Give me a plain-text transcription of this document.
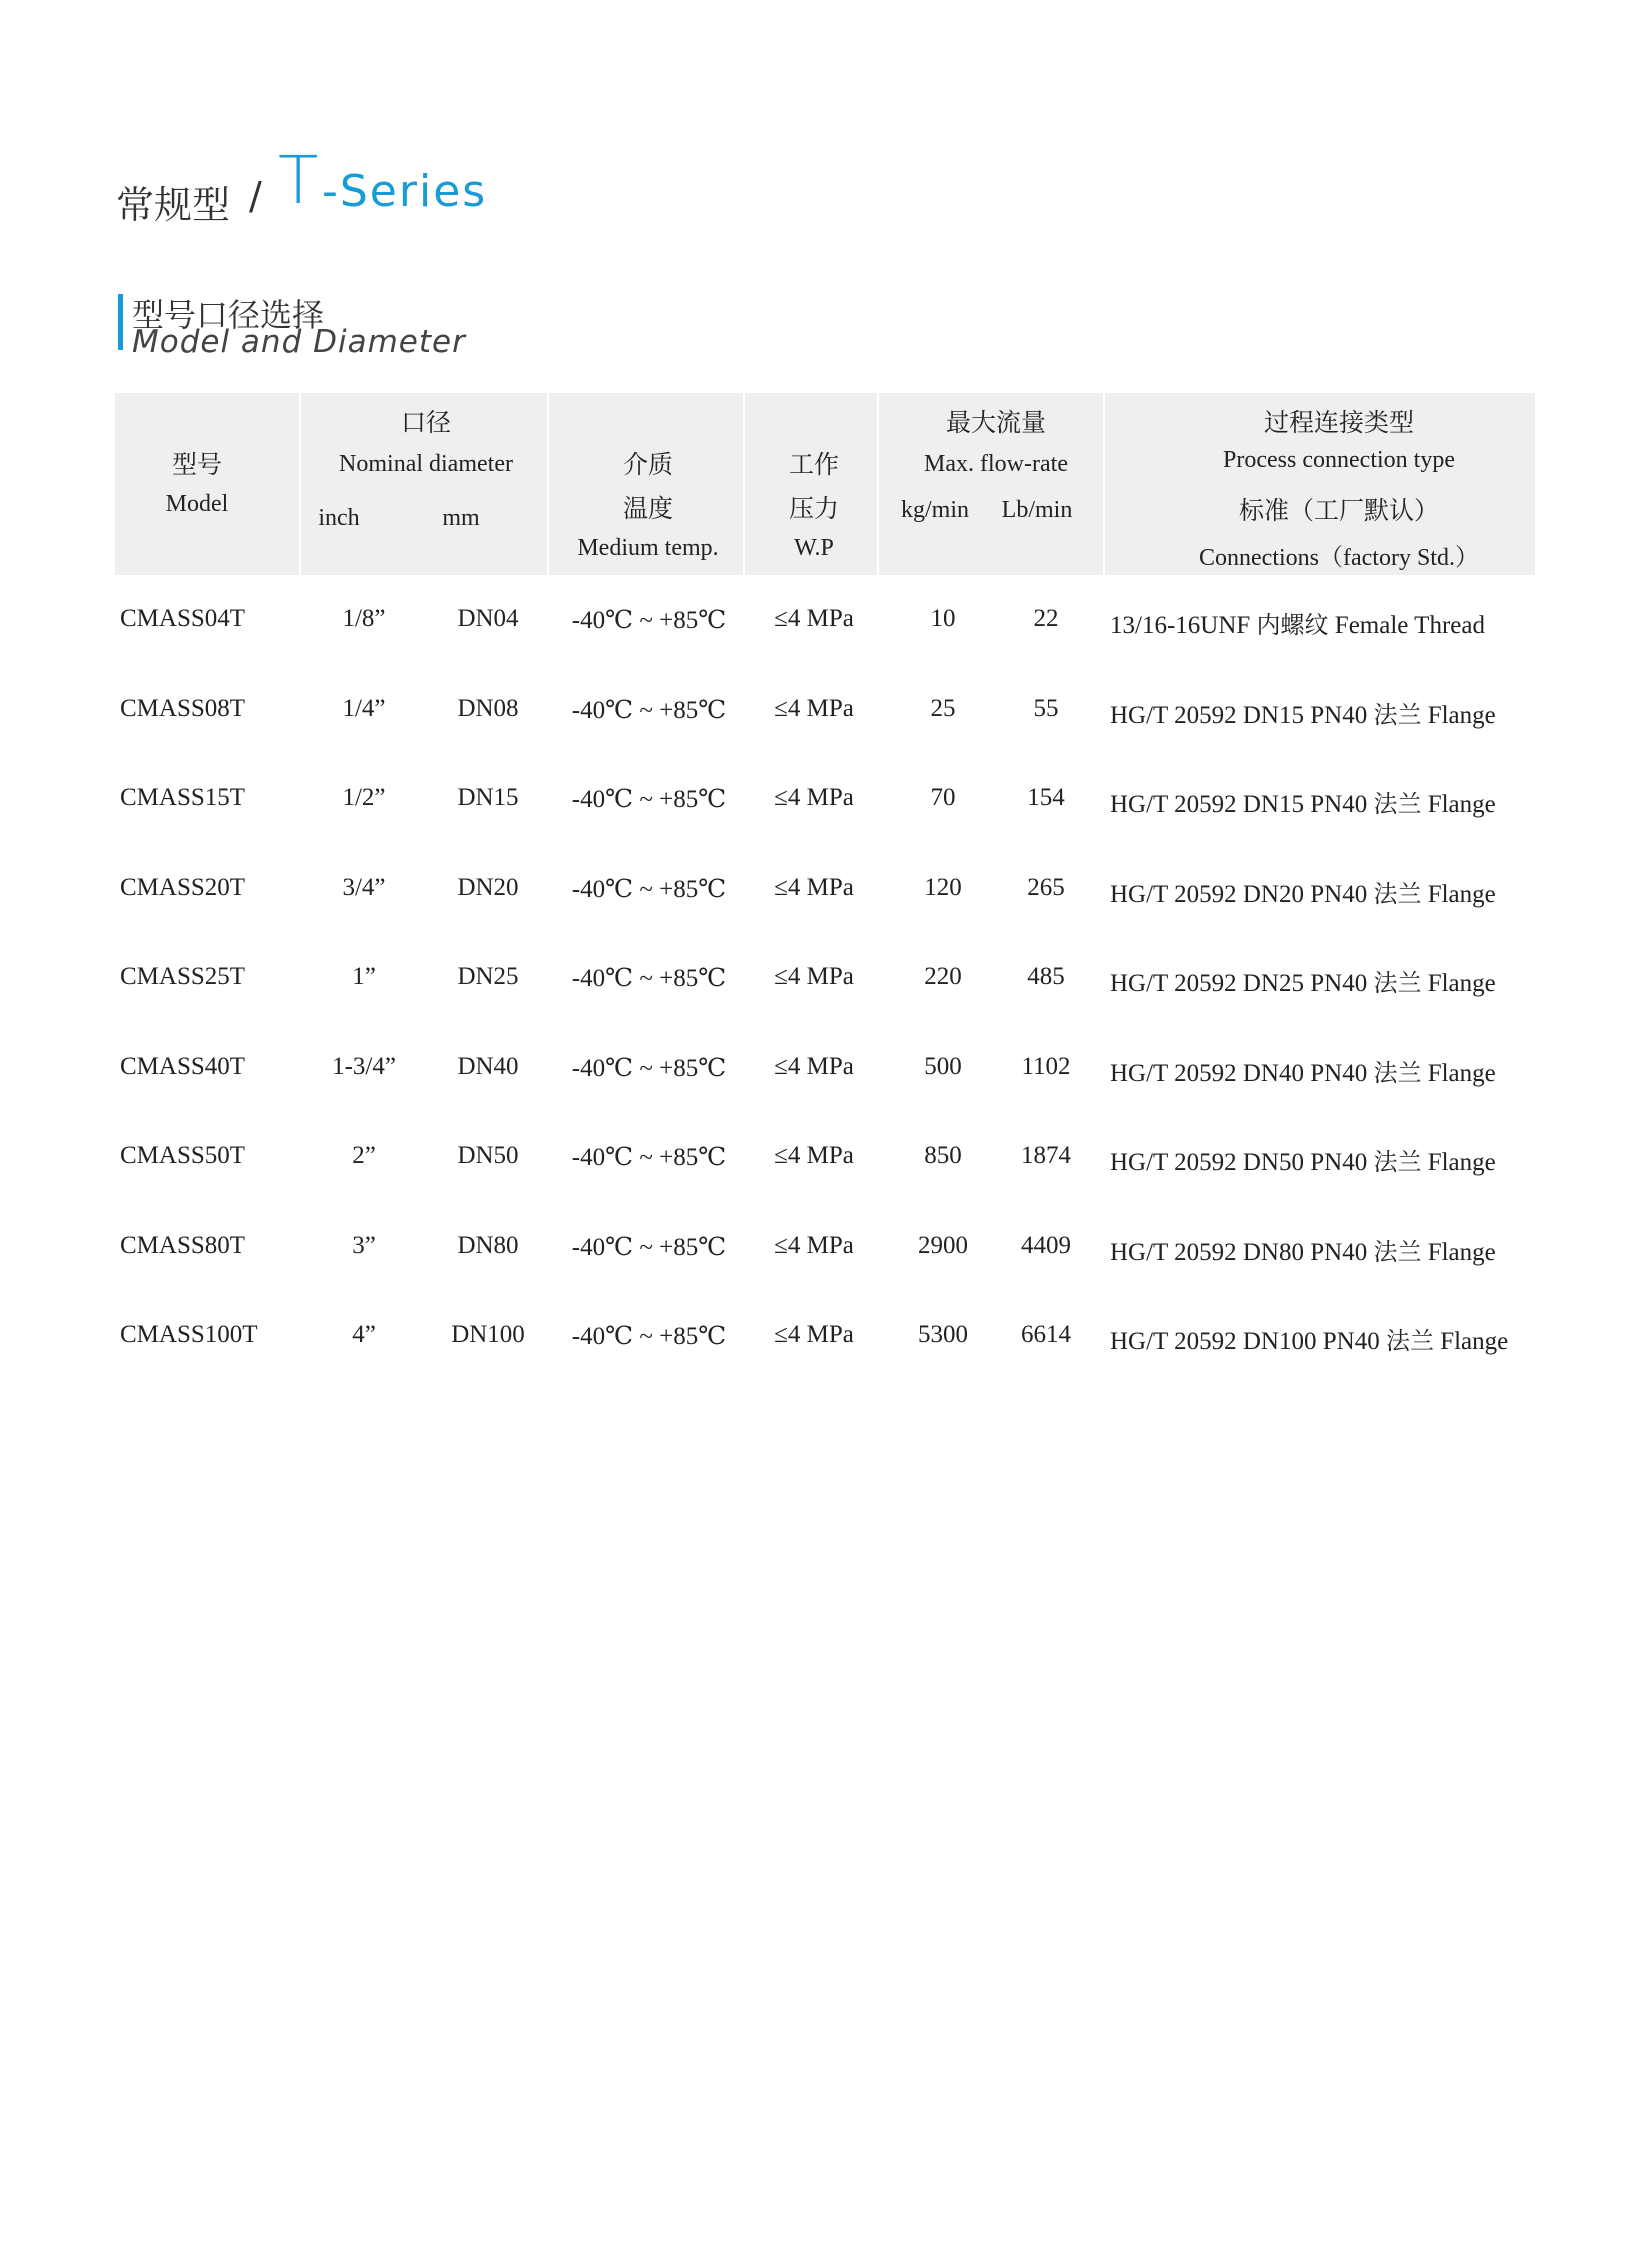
常规型 / T -Series
型号口径选择
Model and Diameter
型号
Model
口径
Nominal diameter
inch	mm
介质
温度
Medium temp.
工作
压力
W.P
最大流量
Max. flow-rate
kg/min Lb/min
过程连接类型
Process connection type
标准（工厂默认）
Connections（factory Std.）
CMASS04T	1/8”	DN04 -40℃ ~ +85℃ ≤4 MPa	10	22 13/16-16UNF 内螺纹 Female Thread
CMASS08T	1/4”	DN08 -40℃ ~ +85℃ ≤4 MPa	25	55 HG/T 20592 DN15 PN40 法兰 Flange
CMASS15T	1/2”	DN15 -40℃ ~ +85℃ ≤4 MPa	70	154 HG/T 20592 DN15 PN40 法兰 Flange
CMASS20T	3/4”	DN20 -40℃ ~ +85℃ ≤4 MPa	120	265 HG/T 20592 DN20 PN40 法兰 Flange
CMASS25T	1”	DN25 -40℃ ~ +85℃ ≤4 MPa	220	485 HG/T 20592 DN25 PN40 法兰 Flange
CMASS40T	1-3/4” DN40 -40℃ ~ +85℃ ≤4 MPa	500 1102 HG/T 20592 DN40 PN40 法兰 Flange
CMASS50T	2”	DN50 -40℃ ~ +85℃ ≤4 MPa	850 1874 HG/T 20592 DN50 PN40 法兰 Flange
CMASS80T	3”	DN80 -40℃ ~ +85℃ ≤4 MPa	2900 4409 HG/T 20592 DN80 PN40 法兰 Flange
CMASS100T	4”	DN100 -40℃ ~ +85℃ ≤4 MPa	5300 6614 HG/T 20592 DN100 PN40 法兰 Flange
